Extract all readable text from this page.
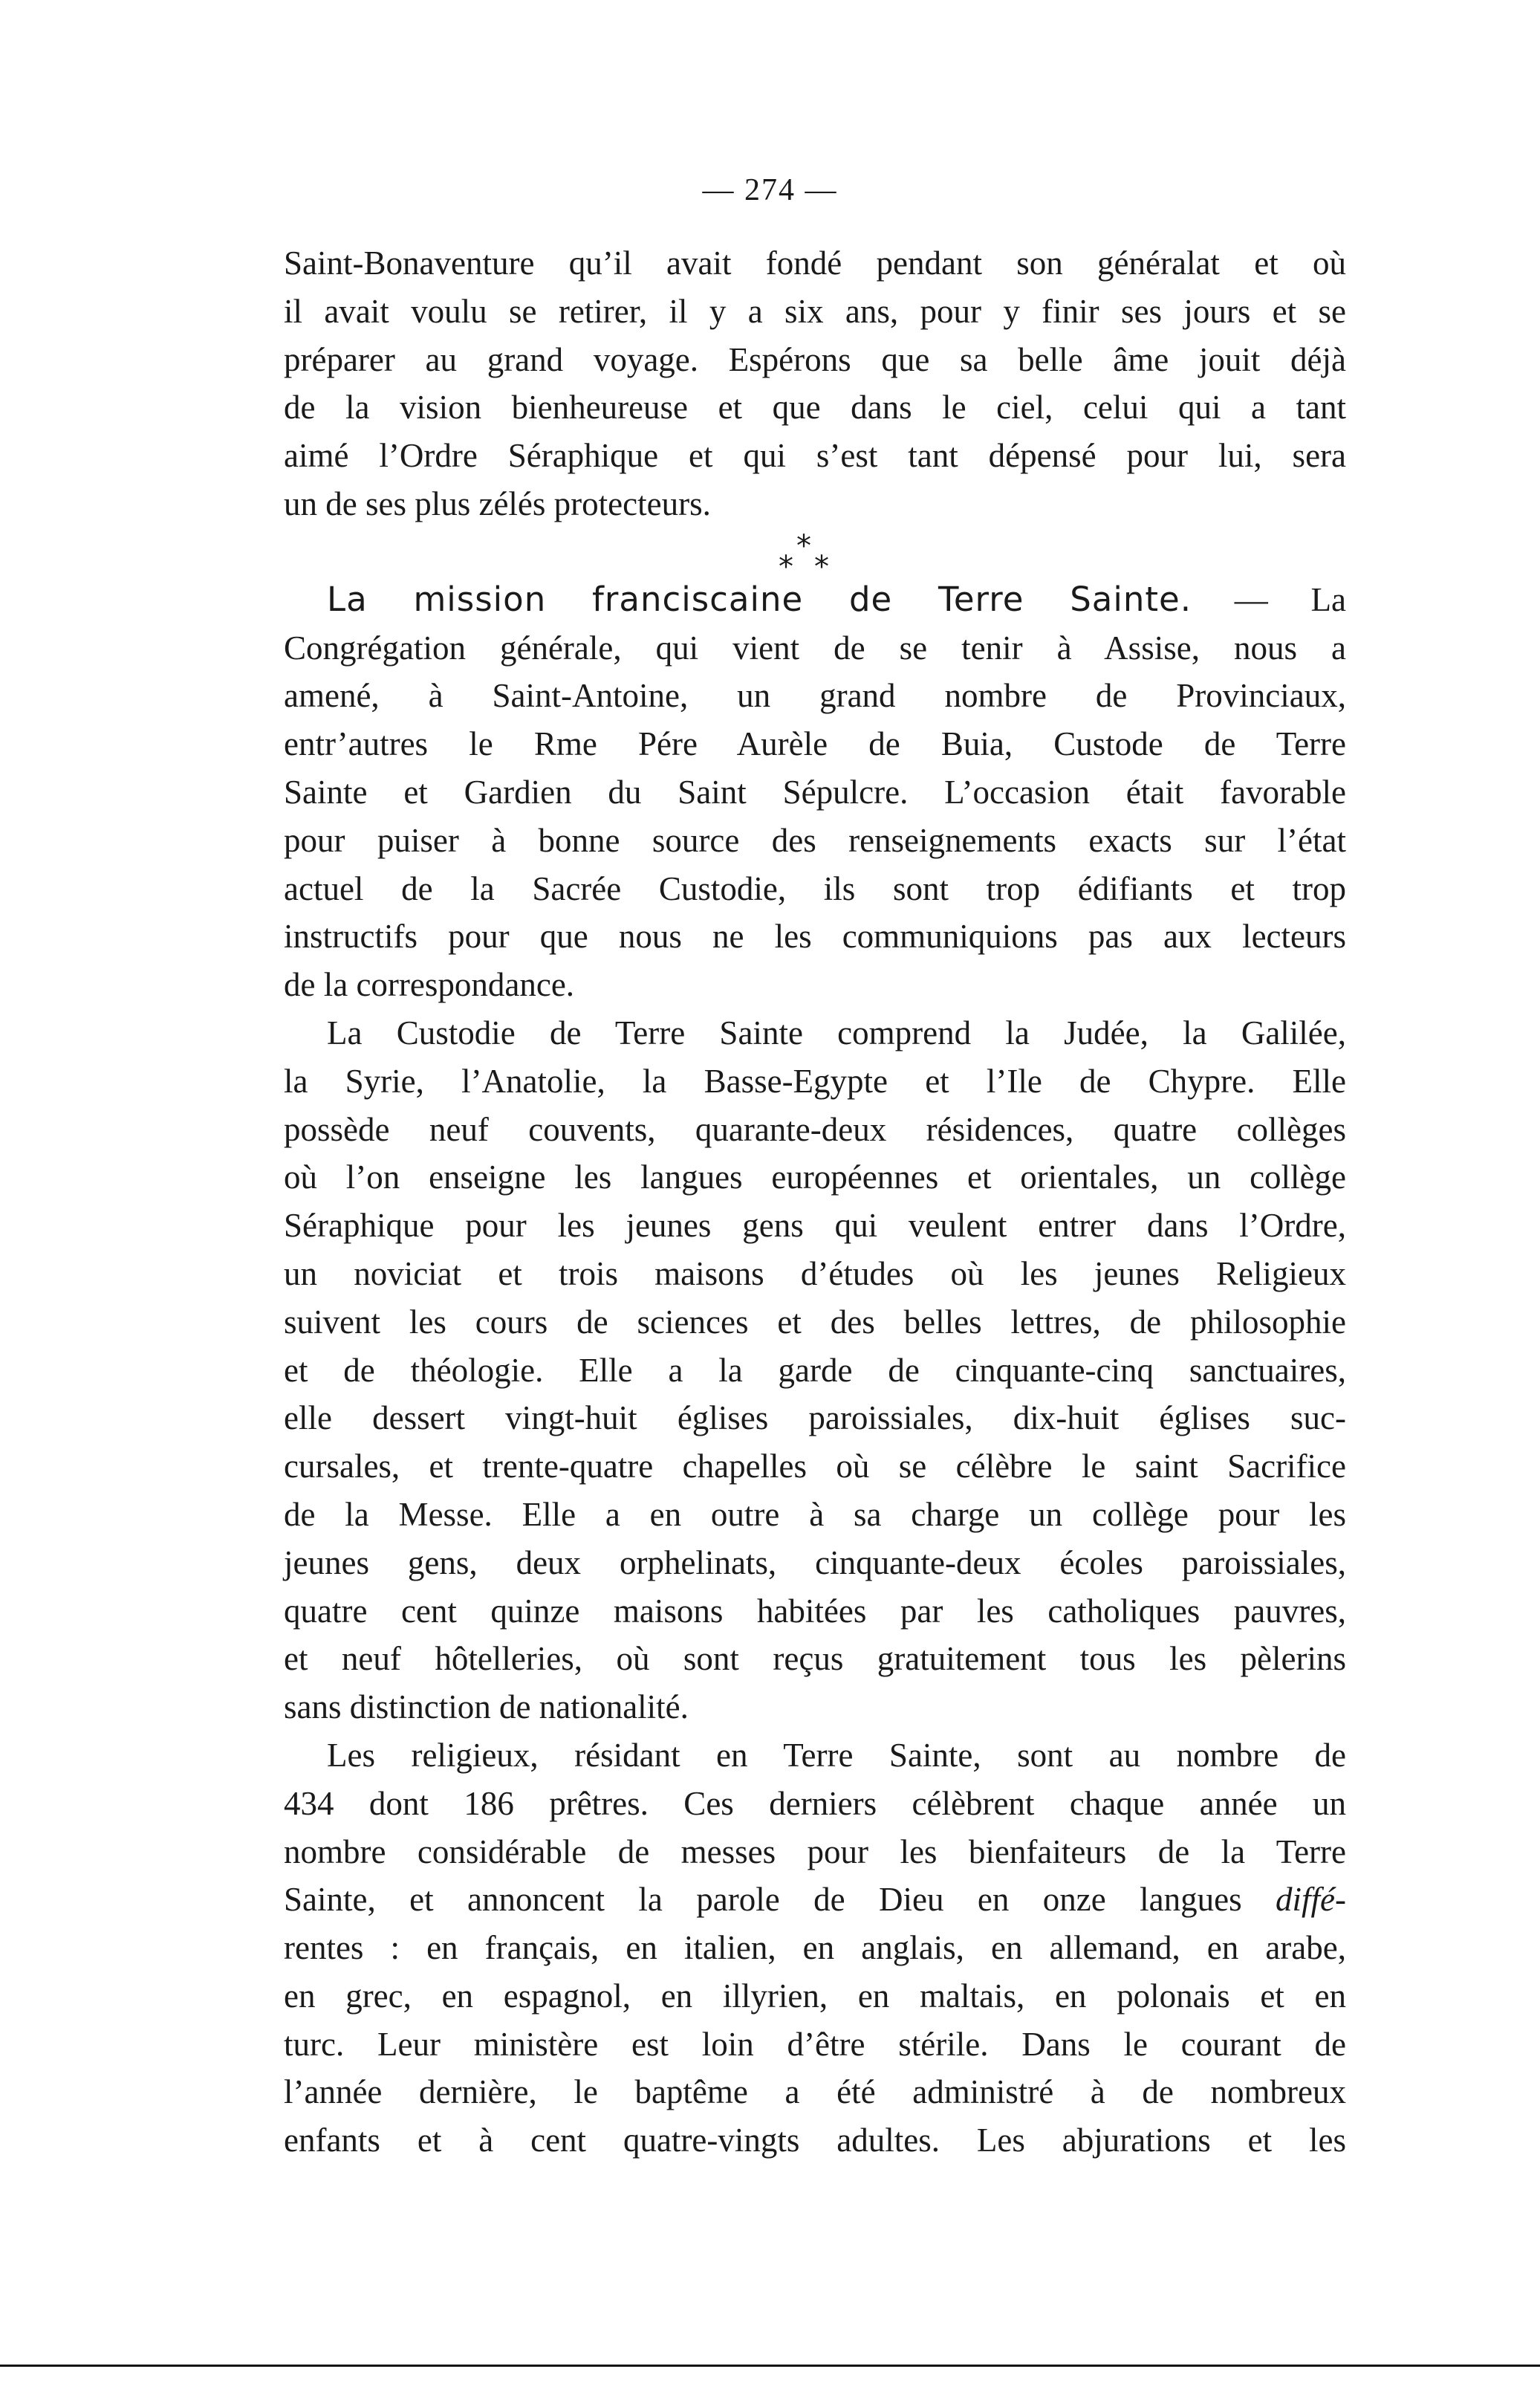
— 274 —
Saint-Bonaventure qu’il avait fondé pendant son généralat et où
il avait voulu se retirer, il y a six ans, pour y finir ses jours et se
préparer au grand voyage. Espérons que sa belle âme jouit déjà
de la vision bienheureuse et que dans le ciel, celui qui a tant
aimé l’Ordre Séraphique et qui s’est tant dépensé pour lui, sera
un de ses plus zélés protecteurs.
*
* *
La mission franciscaine de Terre Sainte. — La
Congrégation générale, qui vient de se tenir à Assise, nous a
amené, à Saint-Antoine, un grand nombre de Provinciaux,
entr’autres le Rme Pére Aurèle de Buia, Custode de Terre
Sainte et Gardien du Saint Sépulcre. L’occasion était favorable
pour puiser à bonne source des renseignements exacts sur l’état
actuel de la Sacrée Custodie, ils sont trop édifiants et trop
instructifs pour que nous ne les communiquions pas aux lecteurs
de la correspondance.
La Custodie de Terre Sainte comprend la Judée, la Galilée,
la Syrie, l’Anatolie, la Basse-Egypte et l’Ile de Chypre. Elle
possède neuf couvents, quarante-deux résidences, quatre collèges
où l’on enseigne les langues européennes et orientales, un collège
Séraphique pour les jeunes gens qui veulent entrer dans l’Ordre,
un noviciat et trois maisons d’études où les jeunes Religieux
suivent les cours de sciences et des belles lettres, de philosophie
et de théologie. Elle a la garde de cinquante-cinq sanctuaires,
elle dessert vingt-huit églises paroissiales, dix-huit églises suc-
cursales, et trente-quatre chapelles où se célèbre le saint Sacrifice
de la Messe. Elle a en outre à sa charge un collège pour les
jeunes gens, deux orphelinats, cinquante-deux écoles paroissiales,
quatre cent quinze maisons habitées par les catholiques pauvres,
et neuf hôtelleries, où sont reçus gratuitement tous les pèlerins
sans distinction de nationalité.
Les religieux, résidant en Terre Sainte, sont au nombre de
434 dont 186 prêtres. Ces derniers célèbrent chaque année un
nombre considérable de messes pour les bienfaiteurs de la Terre
Sainte, et annoncent la parole de Dieu en onze langues diffé-
rentes : en français, en italien, en anglais, en allemand, en arabe,
en grec, en espagnol, en illyrien, en maltais, en polonais et en
turc. Leur ministère est loin d’être stérile. Dans le courant de
l’année dernière, le baptême a été administré à de nombreux
enfants et à cent quatre-vingts adultes. Les abjurations et les
